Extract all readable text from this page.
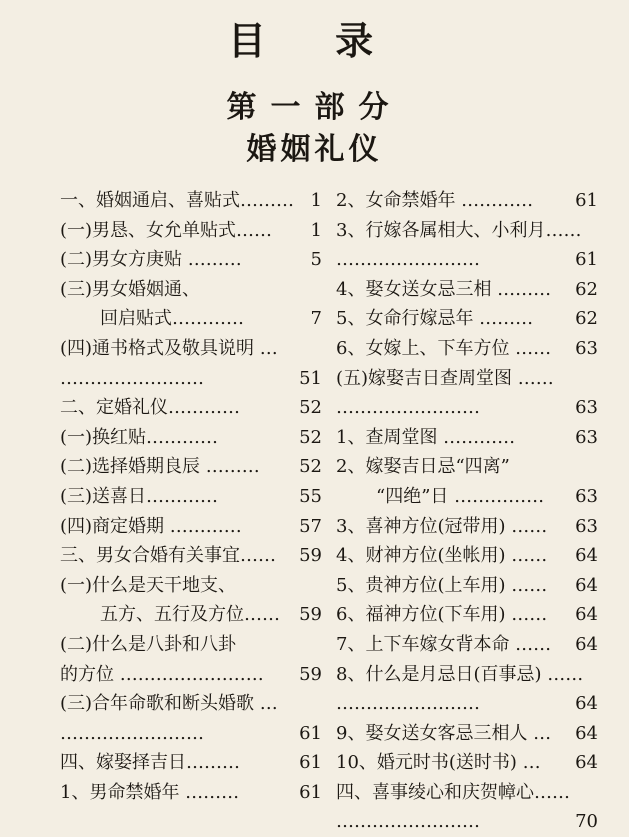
目 录
第一部分
婚姻礼仪
一、婚姻通启、喜贴式……… 1
(一)男恳、女允单贴式…… 1
(二)男女方庚贴 ………	5
(三)男女婚姻通、
回启贴式…………	7
(四)通书格式及敬具说明 …
……………………	51
二、定婚礼仪…………	52
(一)换红贴…………	52
(二)选择婚期良辰 ……… 52
(三)送喜日…………	55
(四)商定婚期 …………	57
三、男女合婚有关事宜…… 59
(一)什么是天干地支、
五方、五行及方位…… 59
(二)什么是八卦和八卦
的方位 …………………… 59
(三)合年命歌和断头婚歌 …
……………………	61
四、嫁娶择吉日………	61
1、男命禁婚年 ………	61
2、女命禁婚年 ………… 61
3、行嫁各属相大、小利月……
……………………	61
4、娶女送女忌三相 ……… 62
5、女命行嫁忌年 ……… 62
6、女嫁上、下车方位 …… 63
(五)嫁娶吉日查周堂图 ……
……………………	63
1、查周堂图 …………	63
2、嫁娶吉日忌“四离”
“四绝”日 …………… 63
3、喜神方位(冠带用) …… 63
4、财神方位(坐帐用) …… 64
5、贵神方位(上车用) …… 64
6、福神方位(下车用) …… 64
7、上下车嫁女背本命 …… 64
8、什么是月忌日(百事忌) ……
……………………	64
9、娶女送女客忌三相人 … 64
10、婚元时书(送时书) … 64
四、喜事绫心和庆贺幛心……
……………………	70
